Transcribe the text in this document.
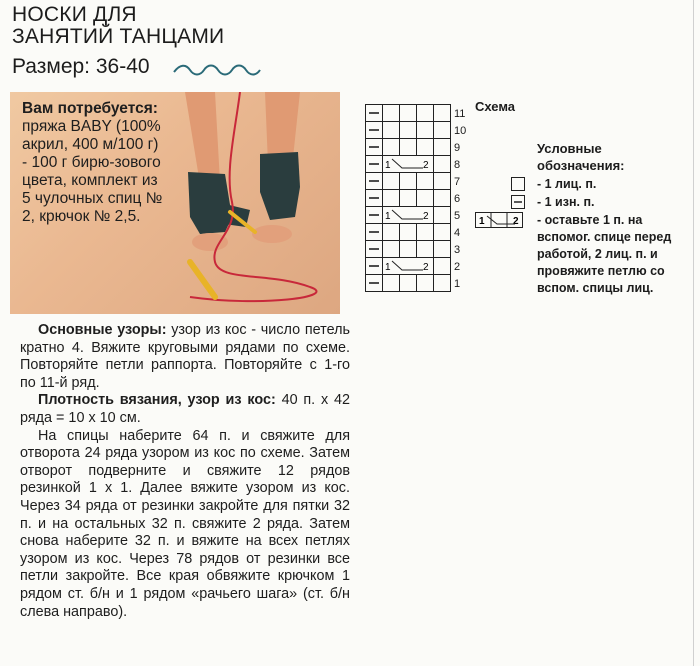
НОСКИ ДЛЯ
ЗАНЯТИЙ ТАНЦАМИ
Размер: 36-40
Вам потребуется:
пряжа BABY (100% акрил, 400 м/100 г) - 100 г бирю-зового цвета, комплект из 5 чулочных спиц № 2, крючок № 2,5.

Основные узоры: узор из кос - число петель кратно 4. Вяжите круговыми рядами по схеме. Повторяйте петли раппорта. Повторяйте с 1-го по 11-й ряд.

Плотность вязания, узор из кос: 40 п. х 42 ряда = 10 х 10 см.

На спицы наберите 64 п. и свяжите для отворота 24 ряда узором из кос по схеме. Затем отворот подверните и свяжите 12 рядов резинкой 1 х 1. Далее вяжите узором из кос. Через 34 ряда от резинки закройте для пятки 32 п. и на остальных 32 п. свяжите 2 ряда. Затем снова наберите 32 п. и вяжите на всех петлях узором из кос. Через 78 рядов от резинки все петли закройте. Все края обвяжите крючком 1 рядом ст. б/н и 1 рядом «рачьего шага» (ст. б/н слева направо).

11
10
9
1	2 8
7
6
1	2 5
4
3
1	2 2
1
Схема
Условные обозначения:
- 1 лиц. п.
- 1 изн. п.
1	2 - оставьте 1 п. на вспомог. спице перед работой, 2 лиц. п. и провяжите петлю со вспом. спицы лиц.
